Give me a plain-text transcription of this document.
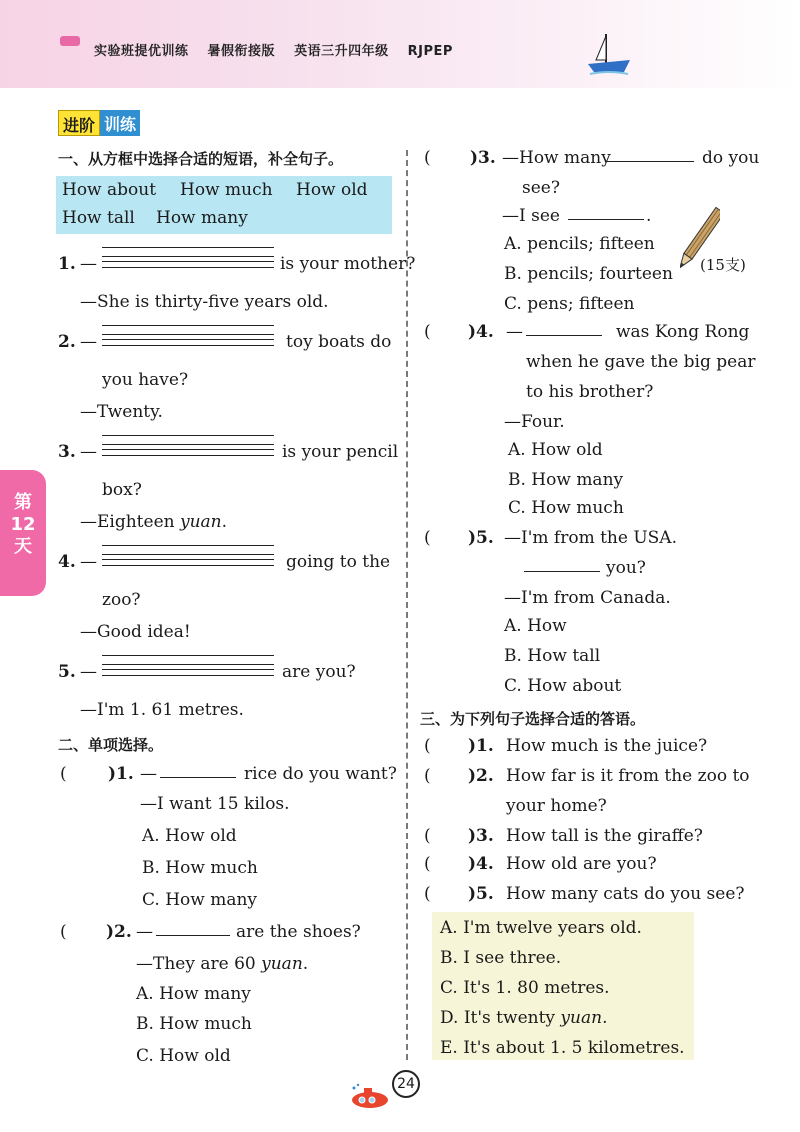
实验班提优训练 暑假衔接版 英语三升四年级 RJPEP
进阶 训练
第
12
天
一、从方框中选择合适的短语，补全句子。
How about How much How old
How tall How many
1. —	is your mother?
—She is thirty-five years old.
2. —	toy boats do
you have?
—Twenty.
3. —	is your pencil
box?
—Eighteen yuan.
4. —	going to the
zoo?
—Good idea!
5. —	are you?
—I'm 1. 61 metres.
二、单项选择。
( )1. —	rice do you want?
—I want 15 kilos.
A. How old
B. How much
C. How many
( )2. —	are the shoes?
—They are 60 yuan.
A. How many
B. How much
C. How old
( )3. —How many	do you
see?
—I see	.
A. pencils; fifteen
B. pencils; fourteen
C. pens; fifteen
(15支)
( )4. —	was Kong Rong
when he gave the big pear
to his brother?
—Four.
A. How old
B. How many
C. How much
( )5. —I'm from the USA.
you?
—I'm from Canada.
A. How
B. How tall
C. How about
三、为下列句子选择合适的答语。
( )1. How much is the juice?
( )2. How far is it from the zoo to
your home?
( )3. How tall is the giraffe?
( )4. How old are you?
( )5. How many cats do you see?
A. I'm twelve years old.
B. I see three.
C. It's 1. 80 metres.
D. It's twenty yuan.
E. It's about 1. 5 kilometres.
24
